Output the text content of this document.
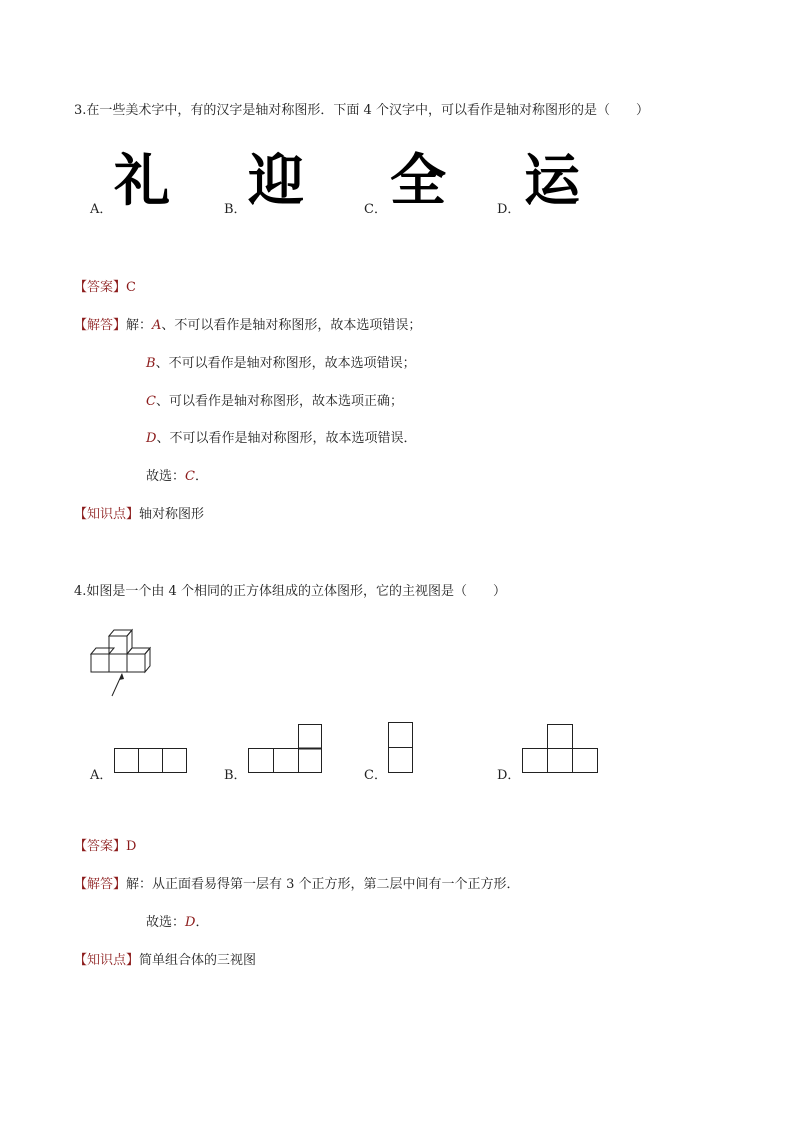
3.在一些美术字中，有的汉字是轴对称图形．下面 4 个汉字中，可以看作是轴对称图形的是（　　）
A． 礼	B． 迎	C． 全	D． 运
【答案】C
【解答】解：A、不可以看作是轴对称图形，故本选项错误；
B、不可以看作是轴对称图形，故本选项错误；
C、可以看作是轴对称图形，故本选项正确；
D、不可以看作是轴对称图形，故本选项错误．
故选：C．
【知识点】轴对称图形
4.如图是一个由 4 个相同的正方体组成的立体图形，它的主视图是（　　）
A．	B．	C．	D．
【答案】D
【解答】解：从正面看易得第一层有 3 个正方形，第二层中间有一个正方形．
故选：D．
【知识点】简单组合体的三视图
